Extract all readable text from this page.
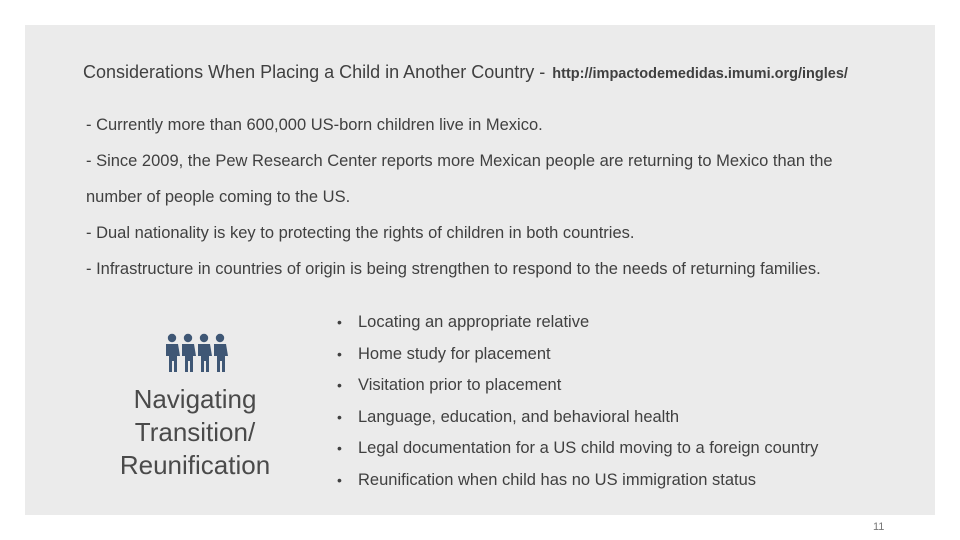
Considerations When Placing a Child in Another Country - http://impactodemedidas.imumi.org/ingles/
- Currently more than 600,000 US-born children live in Mexico.
- Since 2009, the Pew Research Center reports more Mexican people are returning to Mexico than the
number of people coming to the US.
- Dual nationality is key to protecting the rights of children in both countries.
- Infrastructure in countries of origin is being strengthen to respond to the needs of returning families.
Navigating
Transition/
Reunification
• Locating an appropriate relative
• Home study for placement
• Visitation prior to placement
• Language, education, and behavioral health
• Legal documentation for a US child moving to a foreign country
• Reunification when child has no US immigration status
11
